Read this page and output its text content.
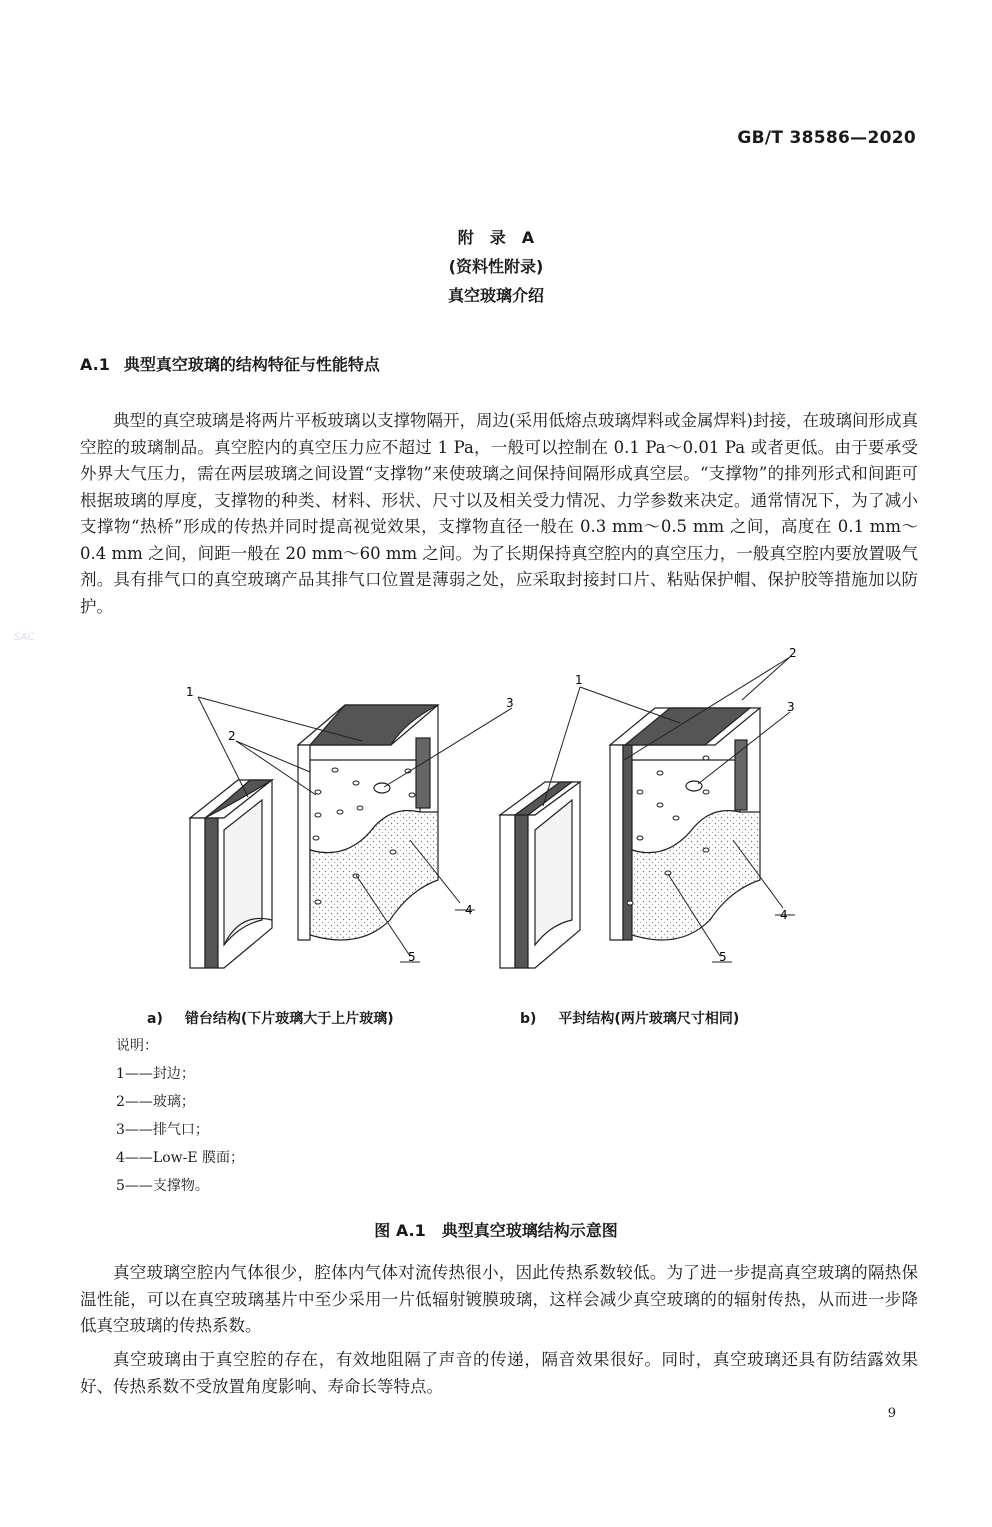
GB/T 38586—2020
附　录　A
(资料性附录)
真空玻璃介绍
A.1 典型真空玻璃的结构特征与性能特点

典型的真空玻璃是将两片平板玻璃以支撑物隔开，周边(采用低熔点玻璃焊料或金属焊料)封接，在玻璃间形成真空腔的玻璃制品。真空腔内的真空压力应不超过 1 Pa，一般可以控制在 0.1 Pa～0.01 Pa 或者更低。由于要承受外界大气压力，需在两层玻璃之间设置“支撑物”来使玻璃之间保持间隔形成真空层。“支撑物”的排列形式和间距可根据玻璃的厚度，支撑物的种类、材料、形状、尺寸以及相关受力情况、力学参数来决定。通常情况下，为了减小支撑物“热桥”形成的传热并同时提高视觉效果，支撑物直径一般在 0.3 mm～0.5 mm 之间，高度在 0.1 mm～0.4 mm 之间，间距一般在 20 mm～60 mm 之间。为了长期保持真空腔内的真空压力，一般真空腔内要放置吸气剂。具有排气口的真空玻璃产品其排气口位置是薄弱之处，应采取封接封口片、粘贴保护帽、保护胶等措施加以防护。

SAC
1
2
3
4
5
1
2
3
4
5
a) 错台结构(下片玻璃大于上片玻璃)	b) 平封结构(两片玻璃尺寸相同)
说明：
1——封边；
2——玻璃；
3——排气口；
4——Low-E 膜面；
5——支撑物。
图 A.1 典型真空玻璃结构示意图

真空玻璃空腔内气体很少，腔体内气体对流传热很小，因此传热系数较低。为了进一步提高真空玻璃的隔热保温性能，可以在真空玻璃基片中至少采用一片低辐射镀膜玻璃，这样会减少真空玻璃的的辐射传热，从而进一步降低真空玻璃的传热系数。

真空玻璃由于真空腔的存在，有效地阻隔了声音的传递，隔音效果很好。同时，真空玻璃还具有防结露效果好、传热系数不受放置角度影响、寿命长等特点。

9
